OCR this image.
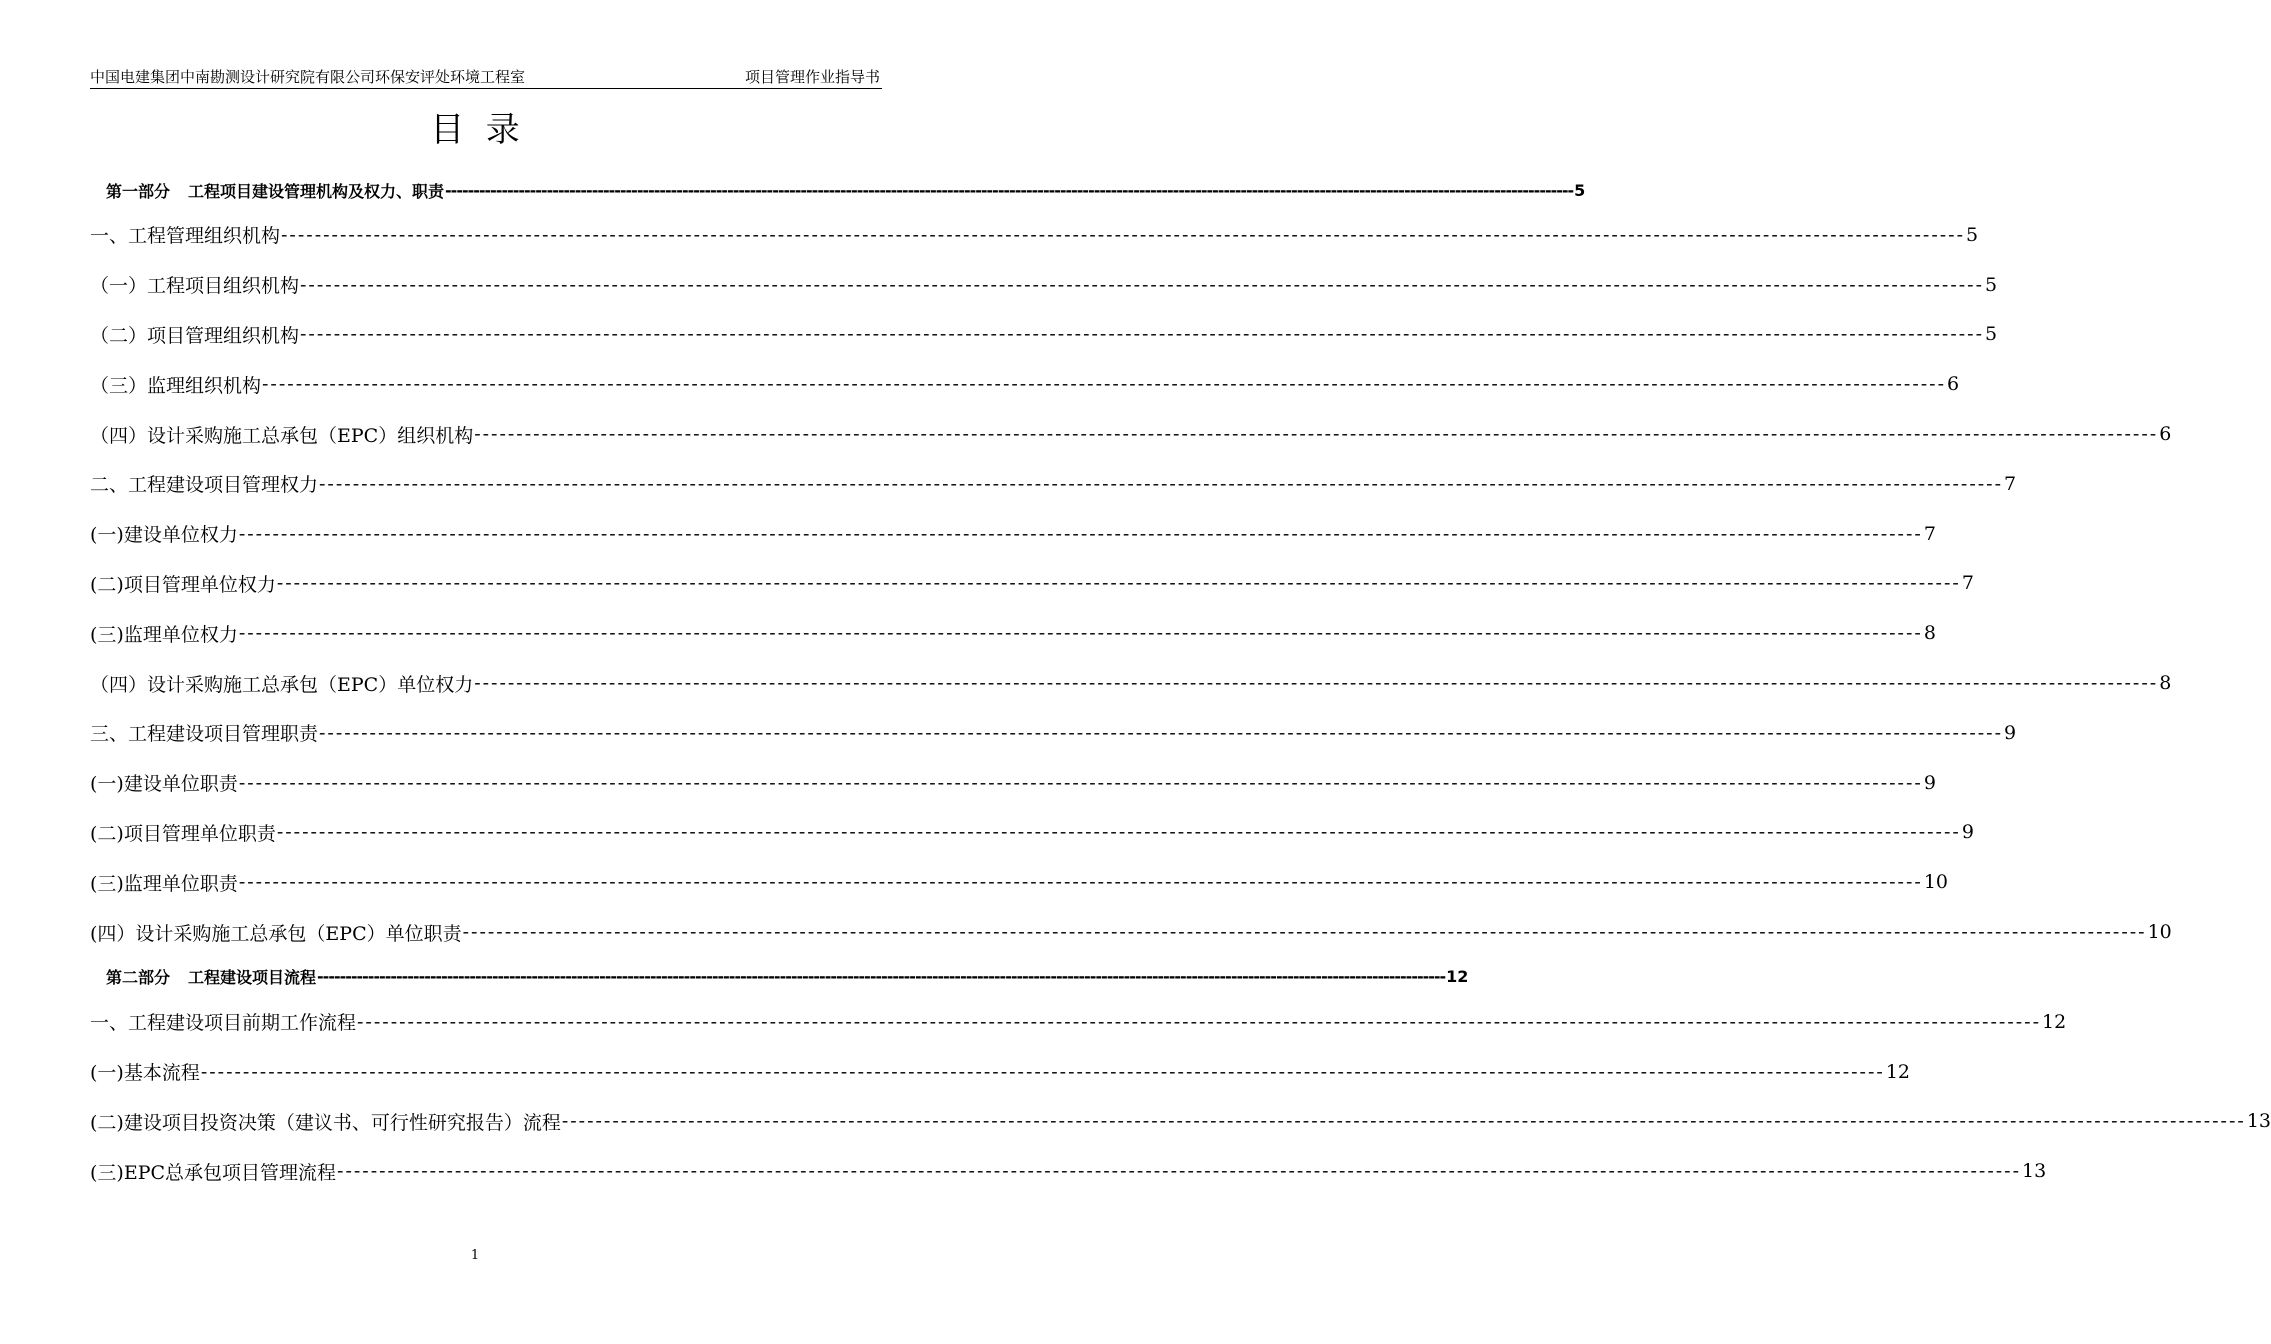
中国电建集团中南勘测设计研究院有限公司环保安评处环境工程室	项目管理作业指导书
目  录
第一部分 工程项目建设管理机构及权力、职责 -------------------------------------------------------------------------------------------------------------------------------------------------------------------------------------------------------- 5
一、工程管理组织机构 -------------------------------------------------------------------------------------------------------------------------------------------------------------------------------------------------------- 5
（一）工程项目组织机构 -------------------------------------------------------------------------------------------------------------------------------------------------------------------------------------------------------- 5
（二）项目管理组织机构 -------------------------------------------------------------------------------------------------------------------------------------------------------------------------------------------------------- 5
（三）监理组织机构 -------------------------------------------------------------------------------------------------------------------------------------------------------------------------------------------------------- 6
（四）设计采购施工总承包（EPC）组织机构 -------------------------------------------------------------------------------------------------------------------------------------------------------------------------------------------------------- 6
二、工程建设项目管理权力 -------------------------------------------------------------------------------------------------------------------------------------------------------------------------------------------------------- 7
(一)建设单位权力 -------------------------------------------------------------------------------------------------------------------------------------------------------------------------------------------------------- 7
(二)项目管理单位权力 -------------------------------------------------------------------------------------------------------------------------------------------------------------------------------------------------------- 7
(三)监理单位权力 -------------------------------------------------------------------------------------------------------------------------------------------------------------------------------------------------------- 8
（四）设计采购施工总承包（EPC）单位权力 -------------------------------------------------------------------------------------------------------------------------------------------------------------------------------------------------------- 8
三、工程建设项目管理职责 -------------------------------------------------------------------------------------------------------------------------------------------------------------------------------------------------------- 9
(一)建设单位职责 -------------------------------------------------------------------------------------------------------------------------------------------------------------------------------------------------------- 9
(二)项目管理单位职责 -------------------------------------------------------------------------------------------------------------------------------------------------------------------------------------------------------- 9
(三)监理单位职责 -------------------------------------------------------------------------------------------------------------------------------------------------------------------------------------------------------- 10
(四）设计采购施工总承包（EPC）单位职责 -------------------------------------------------------------------------------------------------------------------------------------------------------------------------------------------------------- 10
第二部分 工程建设项目流程 -------------------------------------------------------------------------------------------------------------------------------------------------------------------------------------------------------- 12
一、工程建设项目前期工作流程 -------------------------------------------------------------------------------------------------------------------------------------------------------------------------------------------------------- 12
(一)基本流程 -------------------------------------------------------------------------------------------------------------------------------------------------------------------------------------------------------- 12
(二)建设项目投资决策（建议书、可行性研究报告）流程 -------------------------------------------------------------------------------------------------------------------------------------------------------------------------------------------------------- 13
(三)EPC总承包项目管理流程 -------------------------------------------------------------------------------------------------------------------------------------------------------------------------------------------------------- 13
1
